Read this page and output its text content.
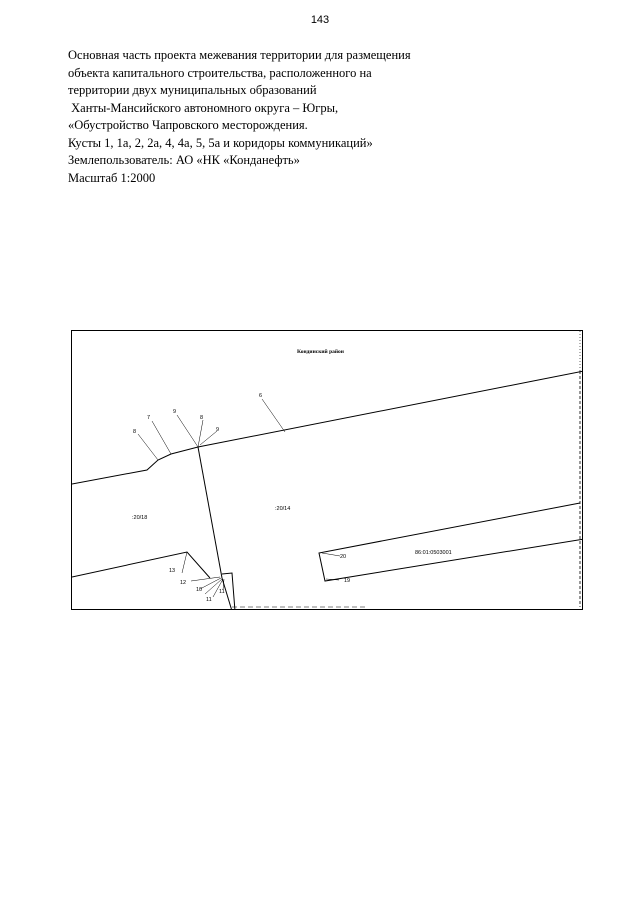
143
Основная часть проекта межевания территории для размещения
объекта капитального строительства, расположенного на
территории двух муниципальных образований
Ханты-Мансийского автономного округа – Югры,
«Обустройство Чапровского месторождения.
Кусты 1, 1а, 2, 2а, 4, 4а, 5, 5а и коридоры коммуникаций»
Землепользователь: АО «НК «Конданефть»
Масштаб 1:2000
Кондинский район
:20/18
:20/14
86:01:0503001
6
7
8
9
8
9
13
20
19
12
10	11
11
